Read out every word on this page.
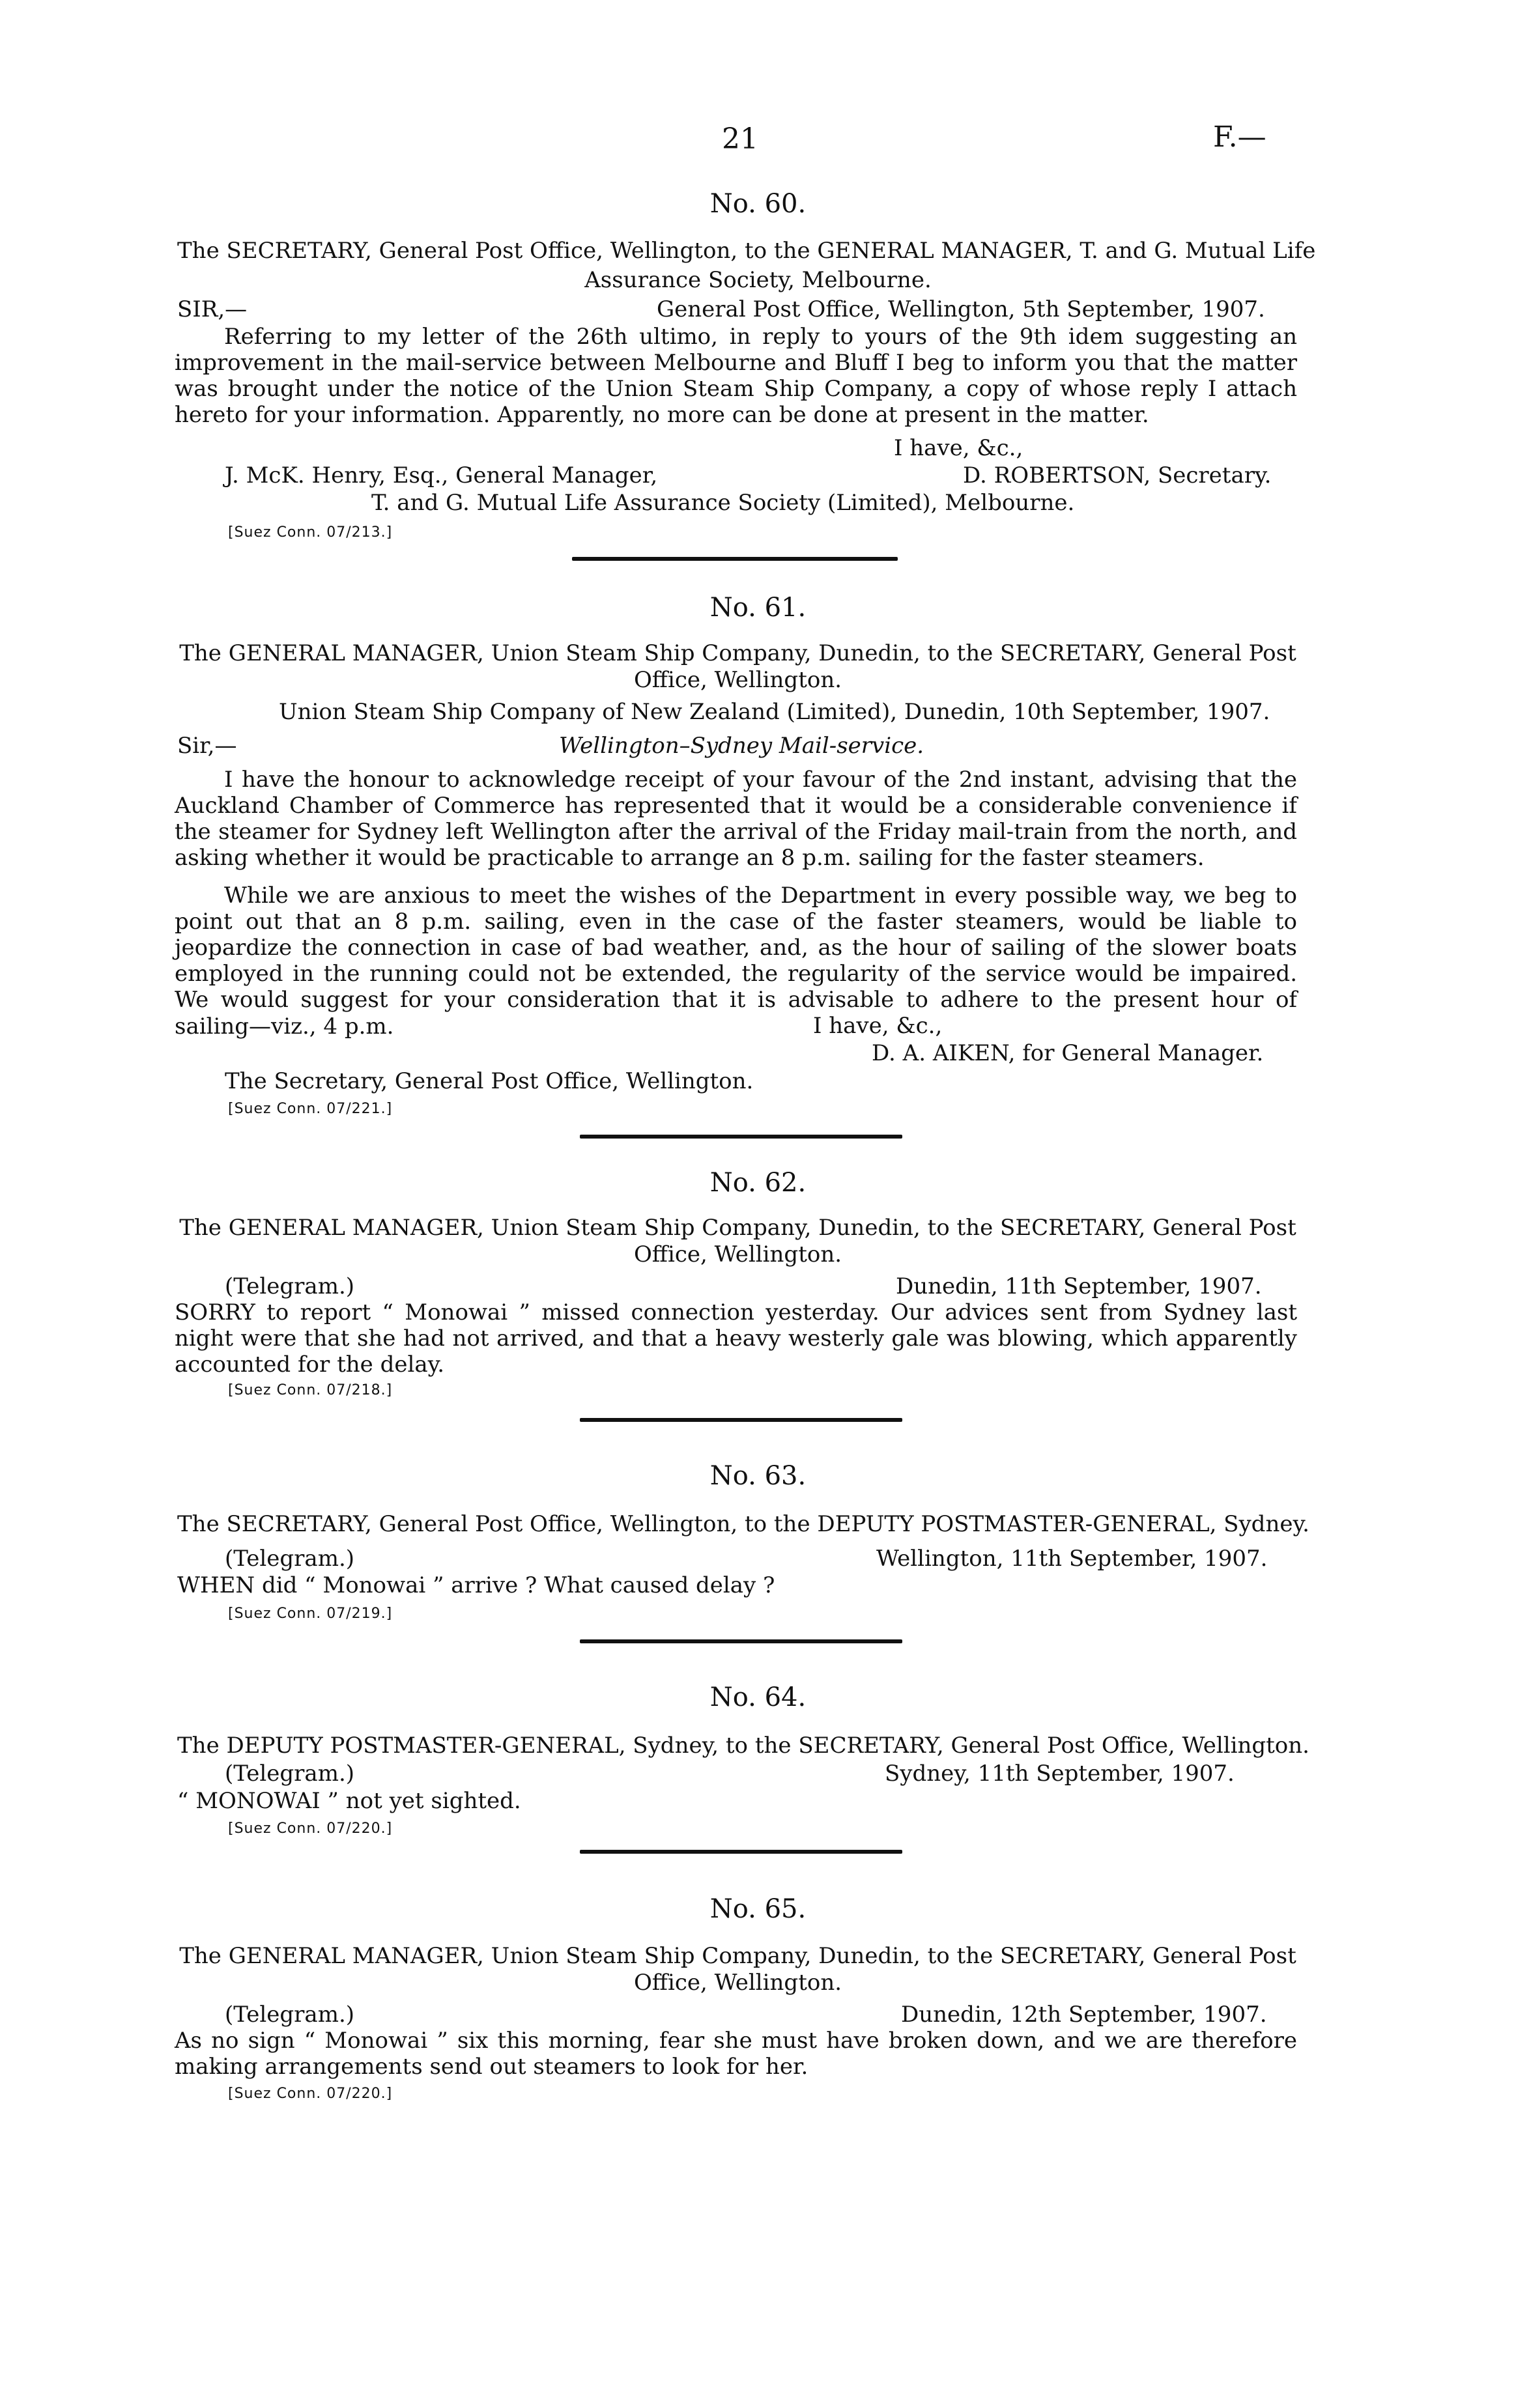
21	F.—
No. 60.
The SECRETARY, General Post Office, Wellington, to the GENERAL MANAGER, T. and G. Mutual Life
Assurance Society, Melbourne.
SIR,—	General Post Office, Wellington, 5th September, 1907.
Referring to my letter of the 26th ultimo, in reply to yours of the 9th idem suggesting an improvement in the mail-service between Melbourne and Bluff I beg to inform you that the matter was brought under the notice of the Union Steam Ship Company, a copy of whose reply I attach hereto for your information. Apparently, no more can be done at present in the matter.
I have, &c.,
J. McK. Henry, Esq., General Manager,	D. ROBERTSON, Secretary.
T. and G. Mutual Life Assurance Society (Limited), Melbourne.
[Suez Conn. 07/213.]
No. 61.
The GENERAL MANAGER, Union Steam Ship Company, Dunedin, to the SECRETARY, General Post Office, Wellington.
Union Steam Ship Company of New Zealand (Limited), Dunedin, 10th September, 1907.
Sir,—	Wellington–Sydney Mail-service.
I have the honour to acknowledge receipt of your favour of the 2nd instant, advising that the Auckland Chamber of Commerce has represented that it would be a considerable convenience if the steamer for Sydney left Wellington after the arrival of the Friday mail-train from the north, and asking whether it would be practicable to arrange an 8 p.m. sailing for the faster steamers.
While we are anxious to meet the wishes of the Department in every possible way, we beg to point out that an 8 p.m. sailing, even in the case of the faster steamers, would be liable to jeopardize the connection in case of bad weather, and, as the hour of sailing of the slower boats employed in the running could not be extended, the regularity of the service would be impaired. We would suggest for your consideration that it is advisable to adhere to the present hour of sailing—viz., 4 p.m.	I have, &c.,
D. A. AIKEN, for General Manager.
The Secretary, General Post Office, Wellington.
[Suez Conn. 07/221.]
No. 62.
The GENERAL MANAGER, Union Steam Ship Company, Dunedin, to the SECRETARY, General Post Office, Wellington.
(Telegram.)	Dunedin, 11th September, 1907.
SORRY to report “ Monowai ” missed connection yesterday. Our advices sent from Sydney last night were that she had not arrived, and that a heavy westerly gale was blowing, which apparently accounted for the delay.
[Suez Conn. 07/218.]
No. 63.
The SECRETARY, General Post Office, Wellington, to the DEPUTY POSTMASTER-GENERAL, Sydney.
(Telegram.)	Wellington, 11th September, 1907.
WHEN did “ Monowai ” arrive ? What caused delay ?
[Suez Conn. 07/219.]
No. 64.
The DEPUTY POSTMASTER-GENERAL, Sydney, to the SECRETARY, General Post Office, Wellington.
(Telegram.)	Sydney, 11th September, 1907.
“ MONOWAI ” not yet sighted.
[Suez Conn. 07/220.]
No. 65.
The GENERAL MANAGER, Union Steam Ship Company, Dunedin, to the SECRETARY, General Post Office, Wellington.
(Telegram.)	Dunedin, 12th September, 1907.
As no sign “ Monowai ” six this morning, fear she must have broken down, and we are therefore making arrangements send out steamers to look for her.
[Suez Conn. 07/220.]
